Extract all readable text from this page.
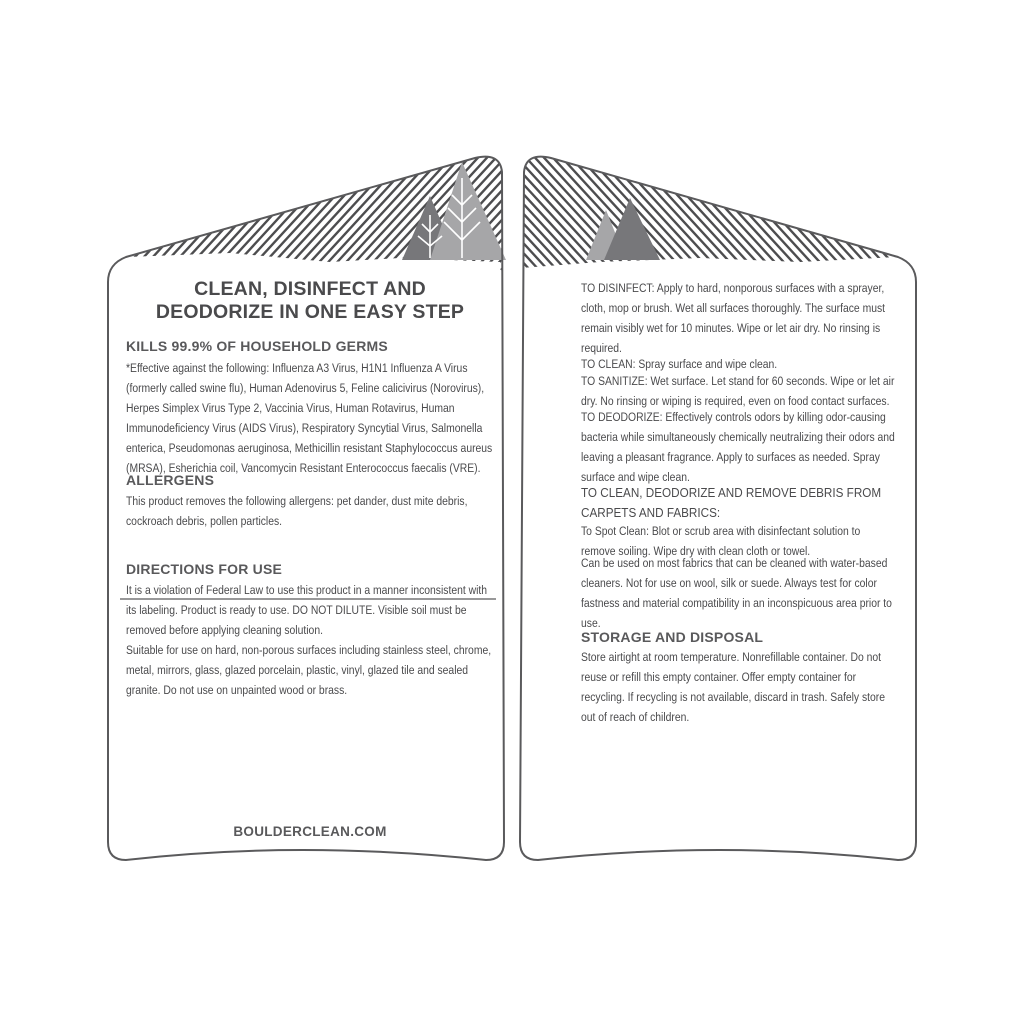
CLEAN, DISINFECT AND

DEODORIZE IN ONE EASY STEP

KILLS 99.9% OF HOUSEHOLD GERMS

*Effective against the following: Influenza A3 Virus, H1N1 Influenza A Virus (formerly called swine flu), Human Adenovirus 5, Feline calicivirus (Norovirus), Herpes Simplex Virus Type 2, Vaccinia Virus, Human Rotavirus, Human Immunodeficiency Virus (AIDS Virus), Respiratory Syncytial Virus, Salmonella enterica, Pseudomonas aeruginosa, Methicillin resistant Staphylococcus aureus (MRSA), Esherichia coil, Vancomycin Resistant Enterococcus faecalis (VRE).

ALLERGENS

This product removes the following allergens: pet dander, dust mite debris, cockroach debris, pollen particles.

DIRECTIONS FOR USE

It is a violation of Federal Law to use this product in a manner inconsistent with its labeling. Product is ready to use. DO NOT DILUTE. Visible soil must be removed before applying cleaning solution.

Suitable for use on hard, non-porous surfaces including stainless steel, chrome, metal, mirrors, glass, glazed porcelain, plastic, vinyl, glazed tile and sealed granite. Do not use on unpainted wood or brass.

BOULDERCLEAN.COM

TO DISINFECT: Apply to hard, nonporous surfaces with a sprayer, cloth, mop or brush. Wet all surfaces thoroughly. The surface must remain visibly wet for 10 minutes. Wipe or let air dry. No rinsing is required.

TO CLEAN: Spray surface and wipe clean.

TO SANITIZE: Wet surface. Let stand for 60 seconds. Wipe or let air dry. No rinsing or wiping is required, even on food contact surfaces.

TO DEODORIZE: Effectively controls odors by killing odor-causing bacteria while simultaneously chemically neutralizing their odors and leaving a pleasant fragrance. Apply to surfaces as needed. Spray surface and wipe clean.

TO CLEAN, DEODORIZE AND REMOVE DEBRIS FROM CARPETS AND FABRICS:

To Spot Clean: Blot or scrub area with disinfectant solution to remove soiling. Wipe dry with clean cloth or towel.

Can be used on most fabrics that can be cleaned with water-based cleaners. Not for use on wool, silk or suede. Always test for color fastness and material compatibility in an inconspicuous area prior to use.

STORAGE AND DISPOSAL

Store airtight at room temperature. Nonrefillable container. Do not reuse or refill this empty container. Offer empty container for recycling. If recycling is not available, discard in trash. Safely store out of reach of children.
